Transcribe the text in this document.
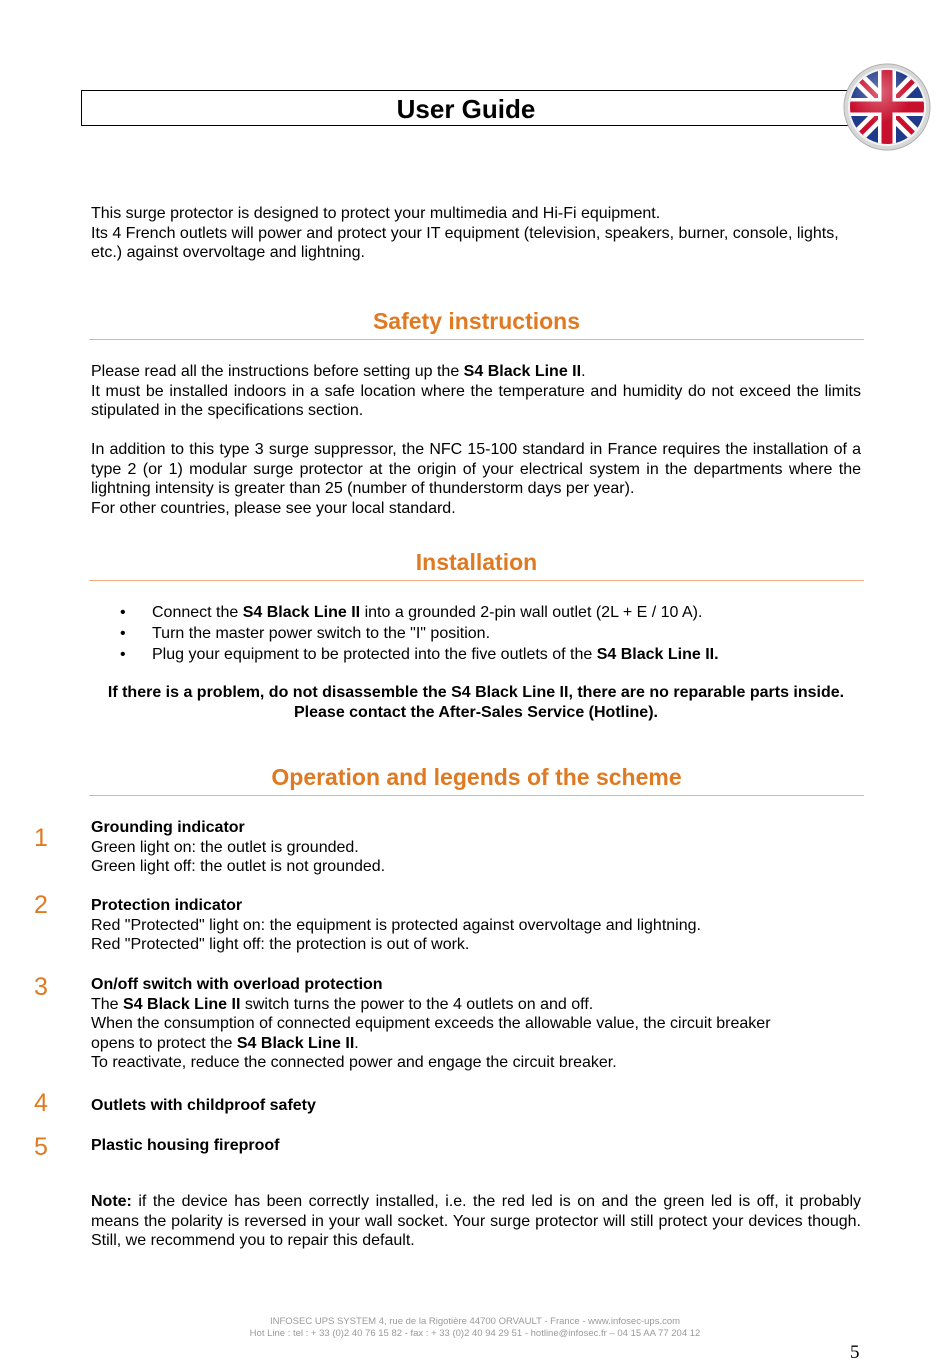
User Guide
This surge protector is designed to protect your multimedia and Hi-Fi equipment.
Its 4 French outlets will power and protect your IT equipment (television, speakers, burner, console, lights, etc.) against overvoltage and lightning.
Safety instructions
Please read all the instructions before setting up the S4 Black Line II.
It must be installed indoors in a safe location where the temperature and humidity do not exceed the limits stipulated in the specifications section.
In addition to this type 3 surge suppressor, the NFC 15-100 standard in France requires the installation of a type 2 (or 1) modular surge protector at the origin of your electrical system in the departments where the lightning intensity is greater than 25 (number of thunderstorm days per year).
For other countries, please see your local standard.
Installation
• Connect the S4 Black Line II into a grounded 2-pin wall outlet (2L + E / 10 A).
• Turn the master power switch to the "I" position.
• Plug your equipment to be protected into the five outlets of the S4 Black Line II.
If there is a problem, do not disassemble the S4 Black Line II, there are no reparable parts inside. Please contact the After-Sales Service (Hotline).
Operation and legends of the scheme
1	Grounding indicator
Green light on: the outlet is grounded.
Green light off: the outlet is not grounded.
2	Protection indicator
Red "Protected" light on: the equipment is protected against overvoltage and lightning.
Red "Protected" light off: the protection is out of work.
3	On/off switch with overload protection
The S4 Black Line II switch turns the power to the 4 outlets on and off.
When the consumption of connected equipment exceeds the allowable value, the circuit breaker
opens to protect the S4 Black Line II.
To reactivate, reduce the connected power and engage the circuit breaker.
4	Outlets with childproof safety
5	Plastic housing fireproof
Note: if the device has been correctly installed, i.e. the red led is on and the green led is off, it probably means the polarity is reversed in your wall socket. Your surge protector will still protect your devices though. Still, we recommend you to repair this default.
INFOSEC UPS SYSTEM 4, rue de la Rigotière 44700 ORVAULT - France - www.infosec-ups.com
Hot Line : tel : + 33 (0)2 40 76 15 82 - fax : + 33 (0)2 40 94 29 51 - hotline@infosec.fr – 04 15 AA 77 204 12
5
